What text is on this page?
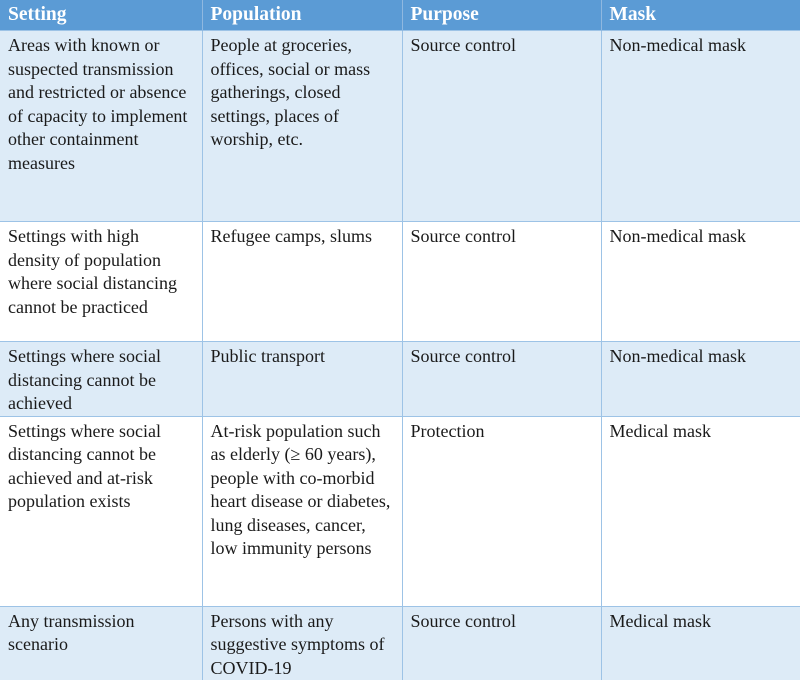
Setting	Population	Purpose	Mask
Areas with known or suspected transmission and restricted or absence of capacity to implement other containment measures	People at groceries, offices, social or mass gatherings, closed settings, places of worship, etc.	Source control	Non-medical mask
Settings with high density of population where social distancing cannot be practiced	Refugee camps, slums	Source control	Non-medical mask
Settings where social distancing cannot be achieved	Public transport	Source control	Non-medical mask
Settings where social distancing cannot be achieved and at-risk population exists	At-risk population such as elderly (≥ 60 years), people with co-morbid heart disease or diabetes, lung diseases, cancer, low immunity persons	Protection	Medical mask
Any transmission scenario	Persons with any suggestive symptoms of COVID-19	Source control	Medical mask
